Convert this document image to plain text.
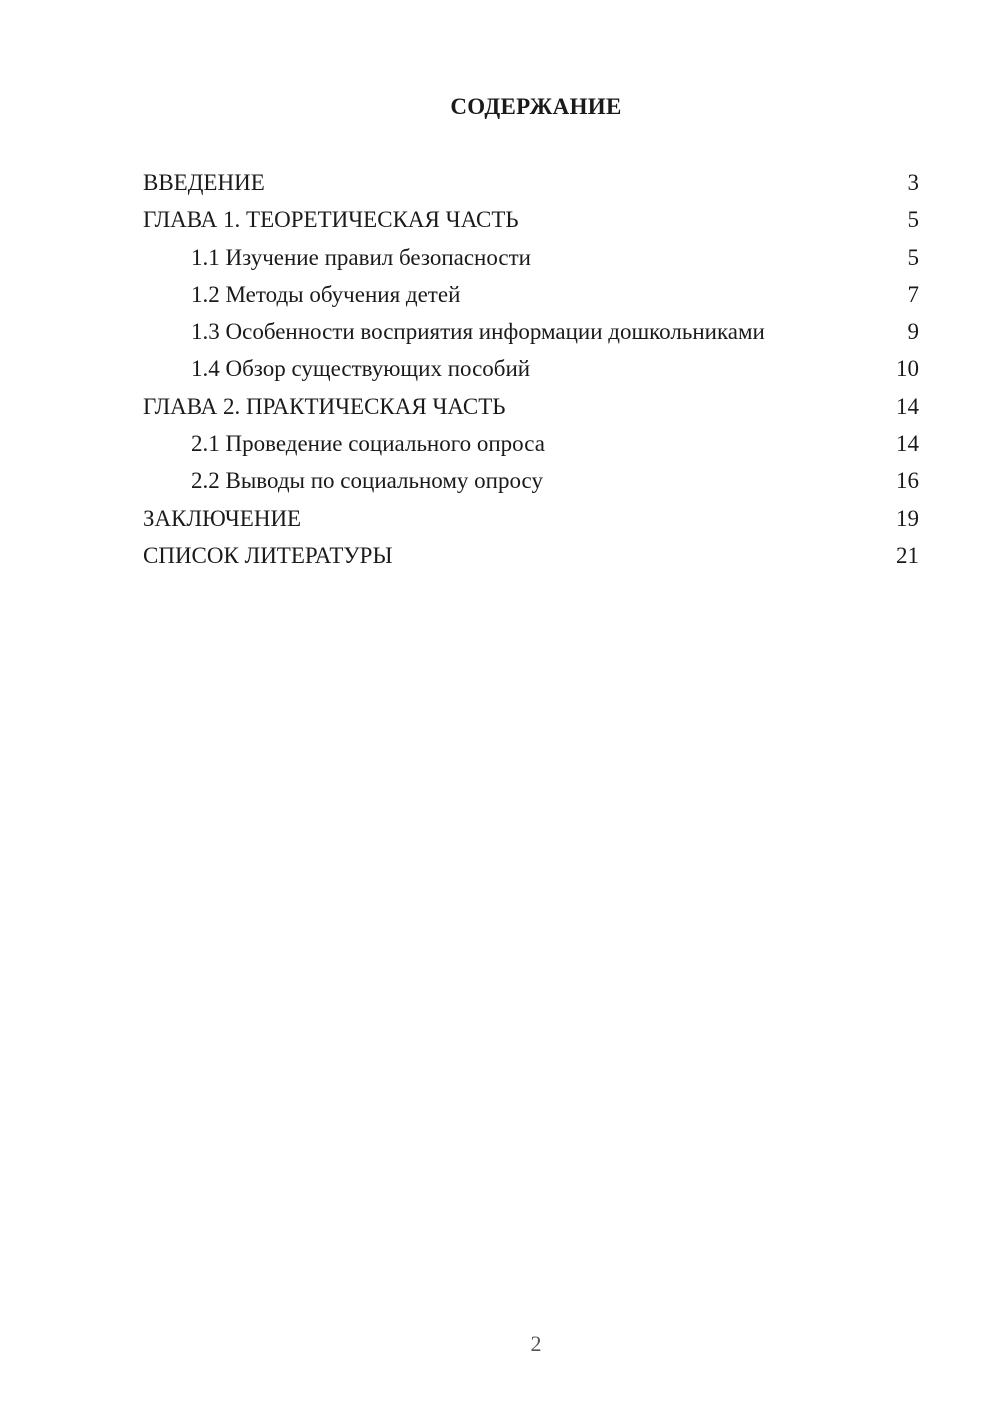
СОДЕРЖАНИЕ
ВВЕДЕНИЕ	3
ГЛАВА 1. ТЕОРЕТИЧЕСКАЯ ЧАСТЬ	5
1.1 Изучение правил безопасности	5
1.2 Методы обучения детей	7
1.3 Особенности восприятия информации дошкольниками	9
1.4 Обзор существующих пособий	10
ГЛАВА 2. ПРАКТИЧЕСКАЯ ЧАСТЬ	14
2.1 Проведение социального опроса	14
2.2 Выводы по социальному опросу	16
ЗАКЛЮЧЕНИЕ	19
СПИСОК ЛИТЕРАТУРЫ	21
2
